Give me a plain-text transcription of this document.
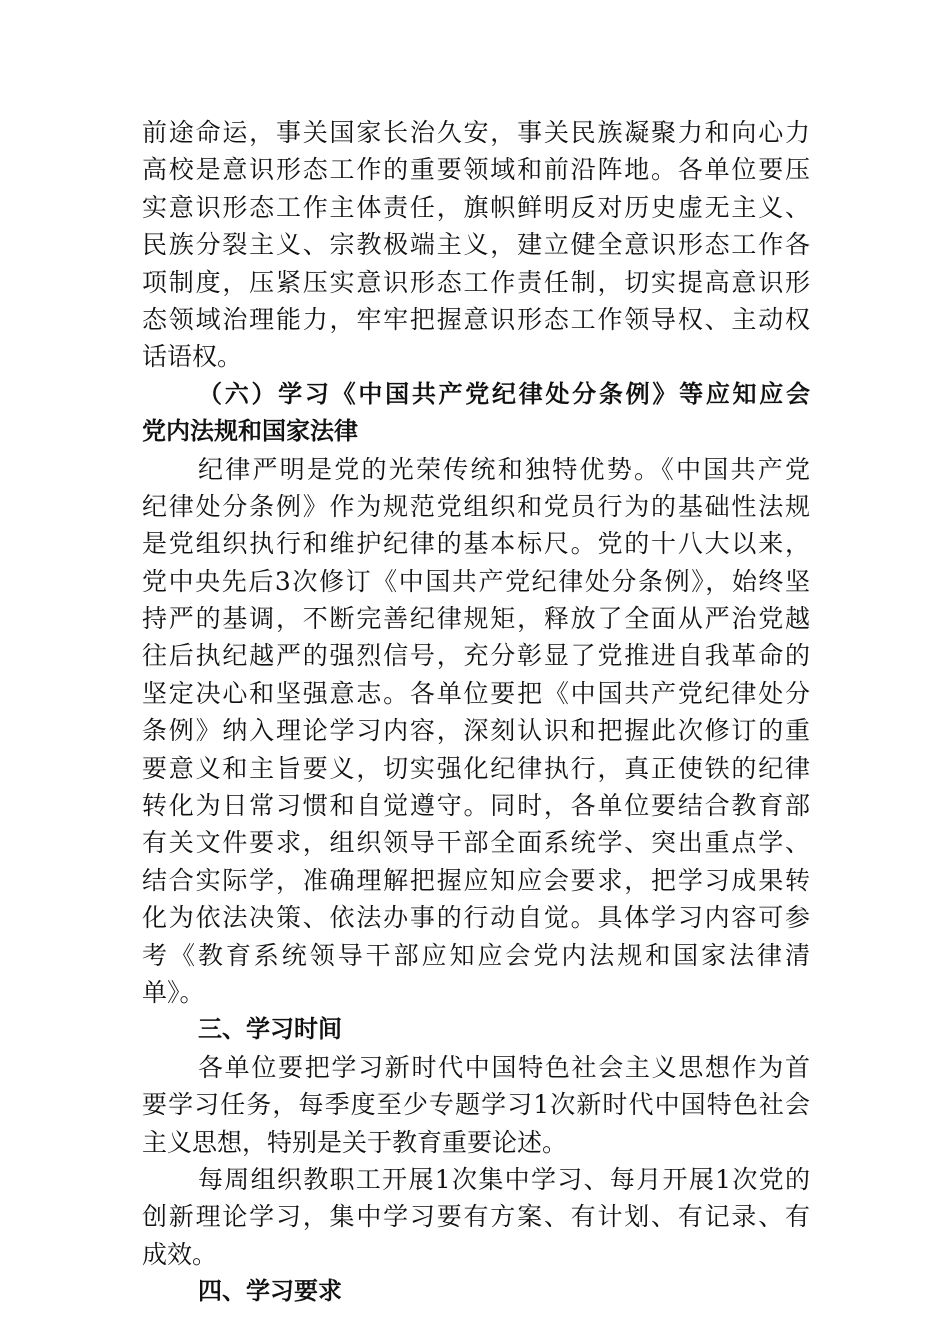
前途命运，事关国家长治久安，事关民族凝聚力和向心力
高校是意识形态工作的重要领域和前沿阵地。各单位要压
实意识形态工作主体责任，旗帜鲜明反对历史虚无主义、
民族分裂主义、宗教极端主义，建立健全意识形态工作各
项制度，压紧压实意识形态工作责任制，切实提高意识形
态领域治理能力，牢牢把握意识形态工作领导权、主动权
话语权。
（六）学习《中国共产党纪律处分条例》等应知应会
党内法规和国家法律
纪律严明是党的光荣传统和独特优势。《中国共产党
纪律处分条例》作为规范党组织和党员行为的基础性法规
是党组织执行和维护纪律的基本标尺。党的十八大以来，
党中央先后3次修订《中国共产党纪律处分条例》，始终坚
持严的基调，不断完善纪律规矩，释放了全面从严治党越
往后执纪越严的强烈信号，充分彰显了党推进自我革命的
坚定决心和坚强意志。各单位要把《中国共产党纪律处分
条例》纳入理论学习内容，深刻认识和把握此次修订的重
要意义和主旨要义，切实强化纪律执行，真正使铁的纪律
转化为日常习惯和自觉遵守。同时，各单位要结合教育部
有关文件要求，组织领导干部全面系统学、突出重点学、
结合实际学，准确理解把握应知应会要求，把学习成果转
化为依法决策、依法办事的行动自觉。具体学习内容可参
考《教育系统领导干部应知应会党内法规和国家法律清
单》。
三、学习时间
各单位要把学习新时代中国特色社会主义思想作为首
要学习任务，每季度至少专题学习1次新时代中国特色社会
主义思想，特别是关于教育重要论述。
每周组织教职工开展1次集中学习、每月开展1次党的
创新理论学习，集中学习要有方案、有计划、有记录、有
成效。
四、学习要求
